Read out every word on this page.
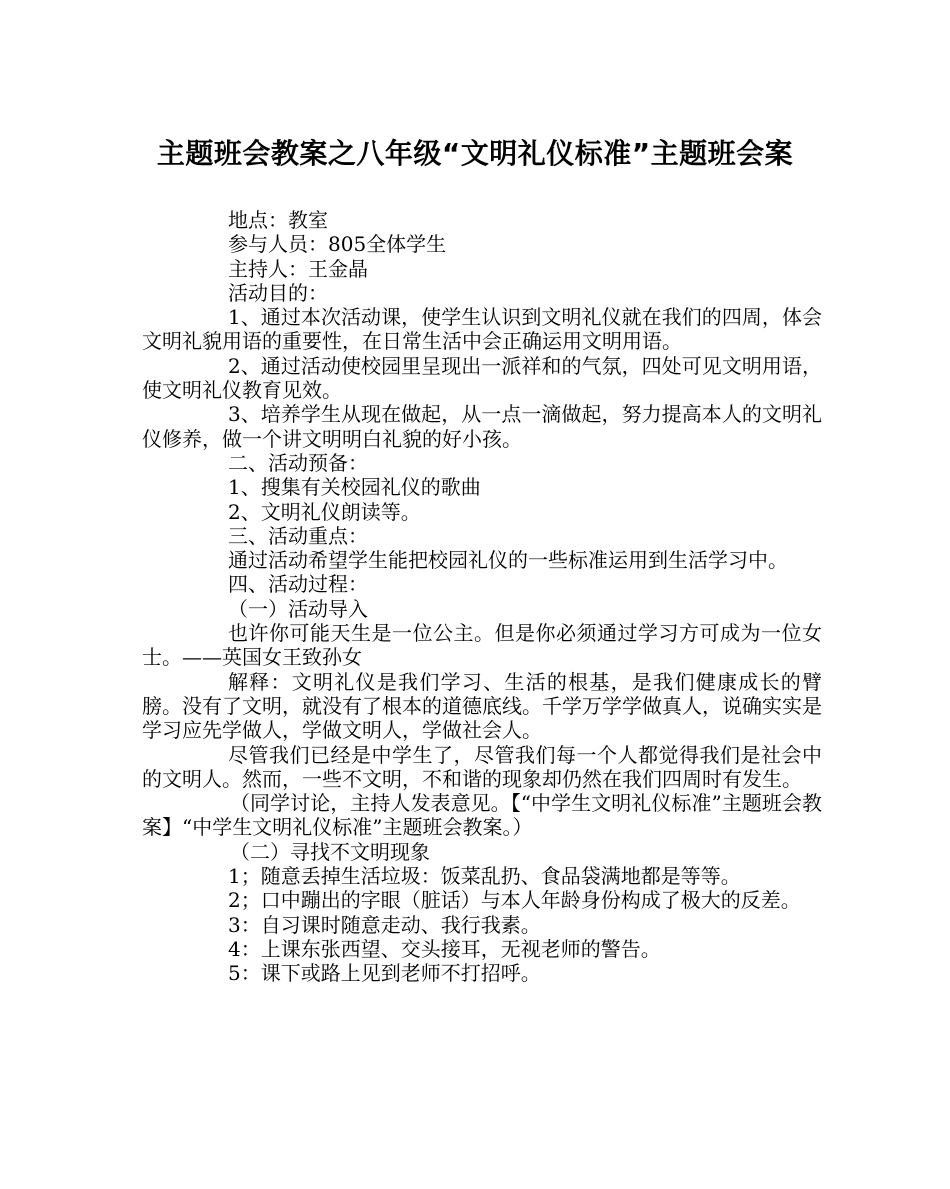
主题班会教案之八年级“文明礼仪标准”主题班会案

地点：教室

参与人员：805全体学生

主持人：王金晶

活动目的：

1、通过本次活动课，使学生认识到文明礼仪就在我们的四周，体会文明礼貌用语的重要性，在日常生活中会正确运用文明用语。

2、通过活动使校园里呈现出一派祥和的气氛，四处可见文明用语，使文明礼仪教育见效。

3、培养学生从现在做起，从一点一滴做起，努力提高本人的文明礼仪修养，做一个讲文明明白礼貌的好小孩。

二、活动预备：

1、搜集有关校园礼仪的歌曲

2、文明礼仪朗读等。

三、活动重点：

通过活动希望学生能把校园礼仪的一些标准运用到生活学习中。

四、活动过程：

（一）活动导入

也许你可能天生是一位公主。但是你必须通过学习方可成为一位女士。——英国女王致孙女

解释：文明礼仪是我们学习、生活的根基，是我们健康成长的臂膀。没有了文明，就没有了根本的道德底线。千学万学学做真人，说确实实是学习应先学做人，学做文明人，学做社会人。

尽管我们已经是中学生了，尽管我们每一个人都觉得我们是社会中的文明人。然而，一些不文明，不和谐的现象却仍然在我们四周时有发生。

（同学讨论，主持人发表意见。【“中学生文明礼仪标准”主题班会教案】“中学生文明礼仪标准”主题班会教案。）

（二）寻找不文明现象

1；随意丢掉生活垃圾：饭菜乱扔、食品袋满地都是等等。

2；口中蹦出的字眼（脏话）与本人年龄身份构成了极大的反差。

3：自习课时随意走动、我行我素。

4：上课东张西望、交头接耳，无视老师的警告。

5：课下或路上见到老师不打招呼。
